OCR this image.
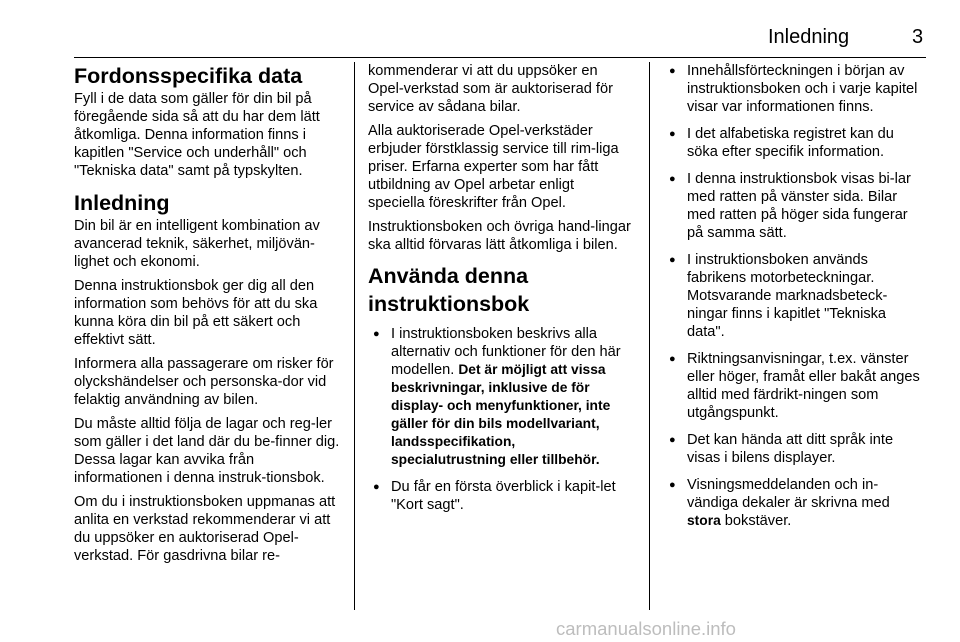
Inledning	3
Fordonsspecifika data

Fyll i de data som gäller för din bil på föregående sida så att du har dem lätt åtkomliga. Denna information finns i kapitlen "Service och underhåll" och "Tekniska data" samt på typskylten.

Inledning

Din bil är en intelligent kombination av avancerad teknik, säkerhet, miljövän-lighet och ekonomi.

Denna instruktionsbok ger dig all den information som behövs för att du ska kunna köra din bil på ett säkert och effektivt sätt.

Informera alla passagerare om risker för olyckshändelser och personska-dor vid felaktig användning av bilen.

Du måste alltid följa de lagar och reg-ler som gäller i det land där du be-finner dig. Dessa lagar kan avvika från informationen i denna instruk-tionsbok.

Om du i instruktionsboken uppmanas att anlita en verkstad rekommenderar vi att du uppsöker en auktoriserad Opel-verkstad. För gasdrivna bilar re-

kommenderar vi att du uppsöker en Opel-verkstad som är auktoriserad för service av sådana bilar.

Alla auktoriserade Opel-verkstäder erbjuder förstklassig service till rim-liga priser. Erfarna experter som har fått utbildning av Opel arbetar enligt speciella föreskrifter från Opel.

Instruktionsboken och övriga hand-lingar ska alltid förvaras lätt åtkomliga i bilen.

Använda denna instruktionsbok
● I instruktionsboken beskrivs alla alternativ och funktioner för den här modellen. Det är möjligt att vissa beskrivningar, inklusive de för display- och menyfunktioner, inte gäller för din bils modellvariant, landsspecifikation, specialutrustning eller tillbehör.
● Du får en första överblick i kapit-let "Kort sagt".
● Innehållsförteckningen i början av instruktionsboken och i varje kapitel visar var informationen finns.
● I det alfabetiska registret kan du söka efter specifik information.
● I denna instruktionsbok visas bi-lar med ratten på vänster sida. Bilar med ratten på höger sida fungerar på samma sätt.
● I instruktionsboken används fabrikens motorbeteckningar. Motsvarande marknadsbeteck-ningar finns i kapitlet "Tekniska data".
● Riktningsanvisningar, t.ex. vänster eller höger, framåt eller bakåt anges alltid med färdrikt-ningen som utgångspunkt.
● Det kan hända att ditt språk inte visas i bilens displayer.
● Visningsmeddelanden och in-vändiga dekaler är skrivna med stora bokstäver.
carmanualsonline.info
